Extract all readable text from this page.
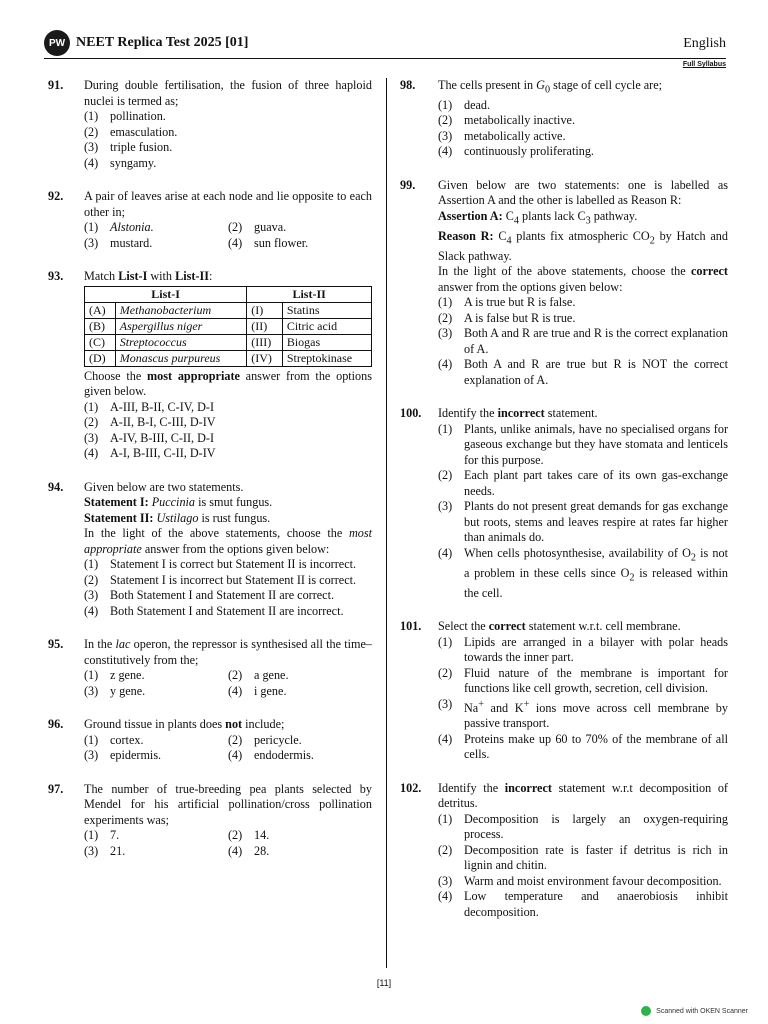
PW NEET Replica Test 2025 [01]	English
Full Syllabus
91. During double fertilisation, the fusion of three haploid nuclei is termed as;
(1) pollination.
(2) emasculation.
(3) triple fusion.
(4) syngamy.
92. A pair of leaves arise at each node and lie opposite to each other in;
(1) Alstonia.	(2) guava.
(3) mustard.	(4) sun flower.
93. Match List-I with List-II:
List-I		List-II	
(A)	Methanobacterium	(I)	Statins
(B)	Aspergillus niger	(II)	Citric acid
(C)	Streptococcus	(III)	Biogas
(D)	Monascus purpureus	(IV)	Streptokinase
Choose the most appropriate answer from the options given below.
(1) A-III, B-II, C-IV, D-I
(2) A-II, B-I, C-III, D-IV
(3) A-IV, B-III, C-II, D-I
(4) A-I, B-III, C-II, D-IV
94. Given below are two statements.
Statement I: Puccinia is smut fungus.
Statement II: Ustilago is rust fungus.
In the light of the above statements, choose the most appropriate answer from the options given below:
(1) Statement I is correct but Statement II is incorrect.
(2) Statement I is incorrect but Statement II is correct.
(3) Both Statement I and Statement II are correct.
(4) Both Statement I and Statement II are incorrect.
95. In the lac operon, the repressor is synthesised all the time–constitutively from the;
(1) z gene.	(2) a gene.
(3) y gene.	(4) i gene.
96. Ground tissue in plants does not include;
(1) cortex.	(2) pericycle.
(3) epidermis.	(4) endodermis.
97. The number of true-breeding pea plants selected by Mendel for his artificial pollination/cross pollination experiments was;
(1) 7.	(2) 14.
(3) 21.	(4) 28.
98. The cells present in $G_0$ stage of cell cycle are;
(1) dead.
(2) metabolically inactive.
(3) metabolically active.
(4) continuously proliferating.
99. Given below are two statements: one is labelled as Assertion A and the other is labelled as Reason R:
Assertion A: $C_4$ plants lack $C_3$ pathway.
Reason R: $C_4$ plants fix atmospheric $CO_2$ by Hatch and Slack pathway.
In the light of the above statements, choose the correct answer from the options given below:
(1) A is true but R is false.
(2) A is false but R is true.
(3) Both A and R are true and R is the correct explanation of A.
(4) Both A and R are true but R is NOT the correct explanation of A.
100. Identify the incorrect statement.
(1) Plants, unlike animals, have no specialised organs for gaseous exchange but they have stomata and lenticels for this purpose.
(2) Each plant part takes care of its own gas-exchange needs.
(3) Plants do not present great demands for gas exchange but roots, stems and leaves respire at rates far higher than animals do.
(4) When cells photosynthesise, availability of $O_2$ is not a problem in these cells since $O_2$ is released within the cell.
101. Select the correct statement w.r.t. cell membrane.
(1) Lipids are arranged in a bilayer with polar heads towards the inner part.
(2) Fluid nature of the membrane is important for functions like cell growth, secretion, cell division.
(3) Na+ and K+ ions move across cell membrane by passive transport.
(4) Proteins make up 60 to 70% of the membrane of all cells.
102. Identify the incorrect statement w.r.t decomposition of detritus.
(1) Decomposition is largely an oxygen-requiring process.
(2) Decomposition rate is faster if detritus is rich in lignin and chitin.
(3) Warm and moist environment favour decomposition.
(4) Low temperature and anaerobiosis inhibit decomposition.
[11]
Scanned with OKEN Scanner
